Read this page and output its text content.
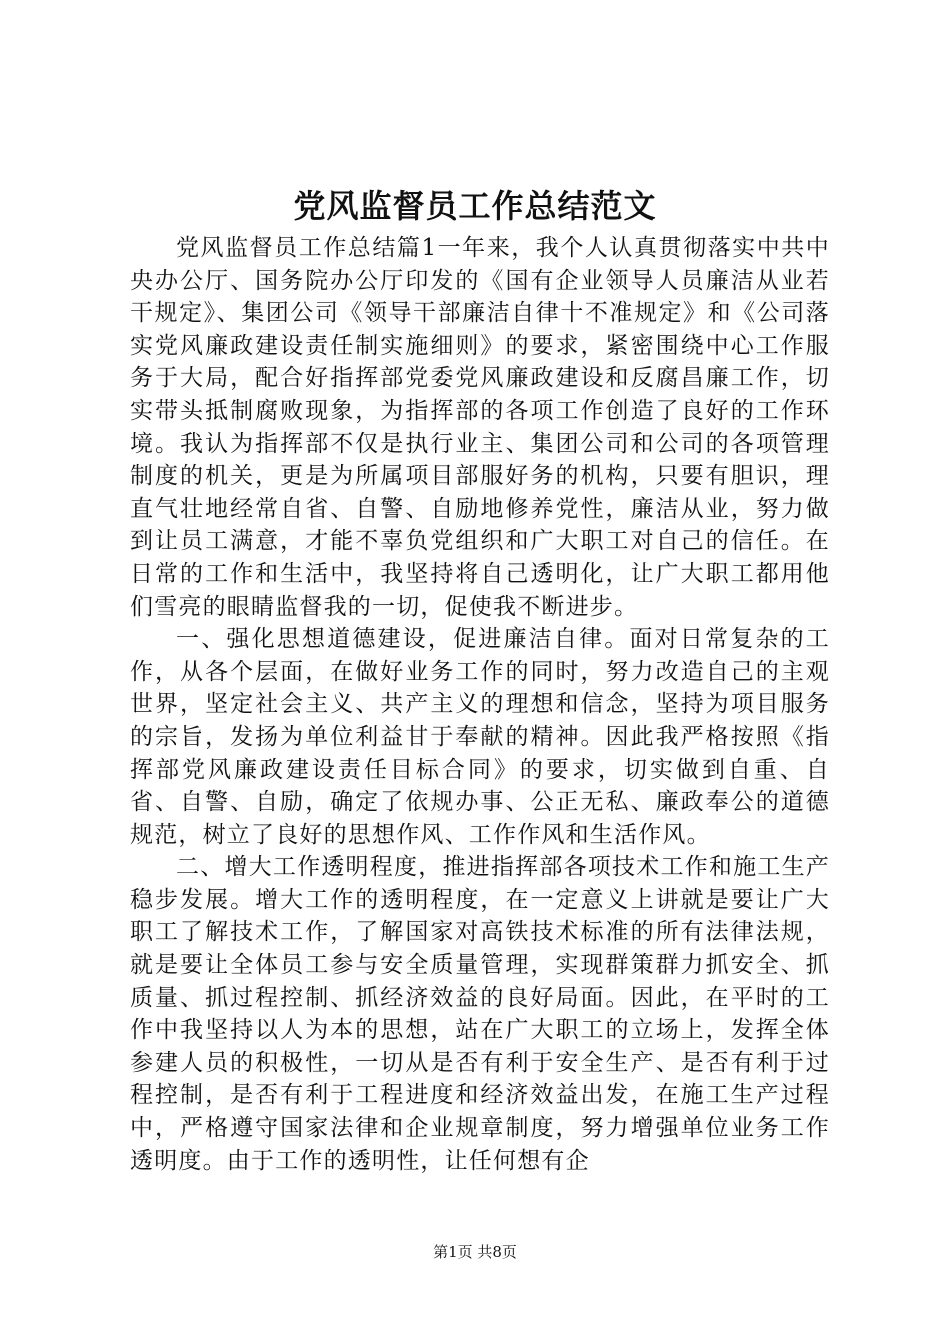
党风监督员工作总结范文

党风监督员工作总结篇1一年来，我个人认真贯彻落实中共中央办公厅、国务院办公厅印发的《国有企业领导人员廉洁从业若干规定》、集团公司《领导干部廉洁自律十不准规定》和《公司落实党风廉政建设责任制实施细则》的要求，紧密围绕中心工作服务于大局，配合好指挥部党委党风廉政建设和反腐昌廉工作，切实带头抵制腐败现象，为指挥部的各项工作创造了良好的工作环境。我认为指挥部不仅是执行业主、集团公司和公司的各项管理制度的机关，更是为所属项目部服好务的机构，只要有胆识，理直气壮地经常自省、自警、自励地修养党性，廉洁从业，努力做到让员工满意，才能不辜负党组织和广大职工对自己的信任。在日常的工作和生活中，我坚持将自己透明化，让广大职工都用他们雪亮的眼睛监督我的一切，促使我不断进步。

一、强化思想道德建设，促进廉洁自律。面对日常复杂的工作，从各个层面，在做好业务工作的同时，努力改造自己的主观世界，坚定社会主义、共产主义的理想和信念，坚持为项目服务的宗旨，发扬为单位利益甘于奉献的精神。因此我严格按照《指挥部党风廉政建设责任目标合同》的要求，切实做到自重、自省、自警、自励，确定了依规办事、公正无私、廉政奉公的道德规范，树立了良好的思想作风、工作作风和生活作风。

二、增大工作透明程度，推进指挥部各项技术工作和施工生产稳步发展。增大工作的透明程度，在一定意义上讲就是要让广大职工了解技术工作，了解国家对高铁技术标准的所有法律法规，就是要让全体员工参与安全质量管理，实现群策群力抓安全、抓质量、抓过程控制、抓经济效益的良好局面。因此，在平时的工作中我坚持以人为本的思想，站在广大职工的立场上，发挥全体参建人员的积极性，一切从是否有利于安全生产、是否有利于过程控制，是否有利于工程进度和经济效益出发，在施工生产过程中，严格遵守国家法律和企业规章制度，努力增强单位业务工作透明度。由于工作的透明性，让任何想有企

第1页 共8页
